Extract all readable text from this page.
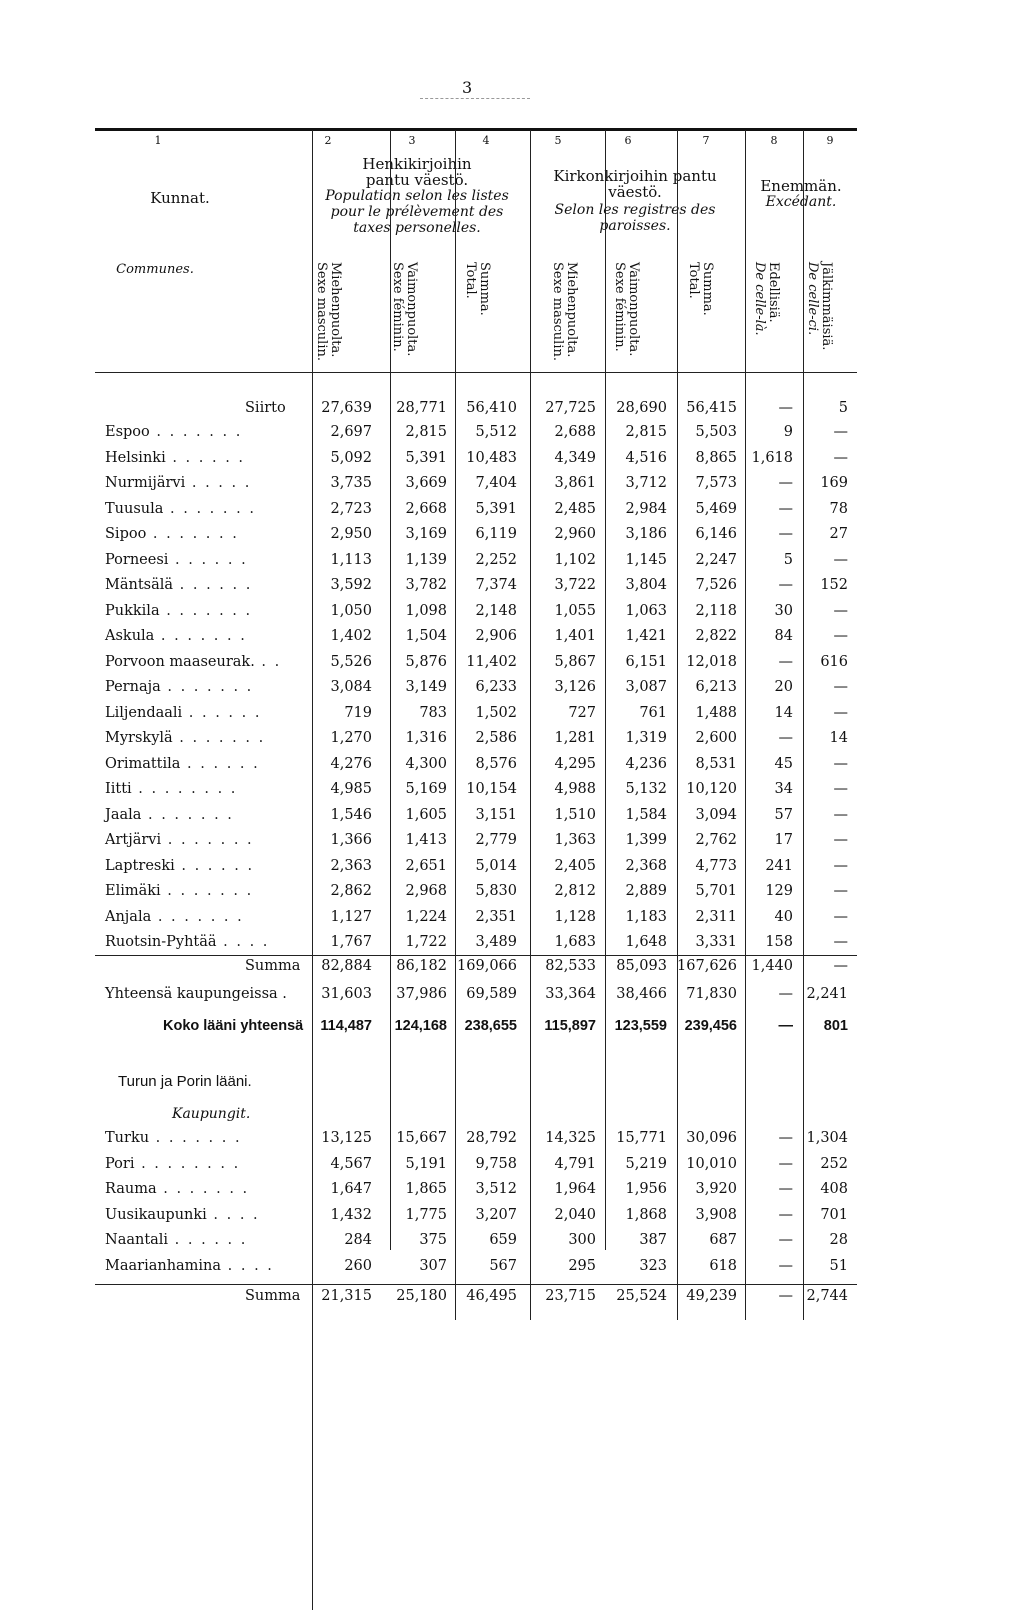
3
1	2	3	4	5	6	7	8	9
Kunnat.
Communes.
Henkikirjoihin pantu väestö.
Population selon les listes
pour le prélèvement des
taxes personelles.
Kirkonkirjoihin pantu väestö.
Selon les registres des
paroisses.
Enemmän.
Excédant.
Miehenpuolta.
Sexe masculin.	Vaimonpuolta.
Sexe féminin.	Summa.
Total.	Miehenpuolta.
Sexe masculin.	Vaimonpuolta.
Sexe féminin.	Summa.
Total.	Edellisiä.
De celle-là.	Jälkimmäisiä.
De celle-ci.
Siirto 27,639 28,771 56,410 27,725 28,690 56,415	—	5
Espoo . . . . . . .	2,697 2,815 5,512	2,688 2,815 5,503	9	—
Helsinki . . . . . .	5,092 5,391 10,483	4,349 4,516 8,865 1,618	—
Nurmijärvi . . . . .	3,735 3,669 7,404	3,861 3,712 7,573	— 169
Tuusula . . . . . . .	2,723 2,668 5,391	2,485 2,984 5,469	—	78
Sipoo . . . . . . .	2,950 3,169 6,119	2,960 3,186 6,146	—	27
Porneesi . . . . . .	1,113 1,139 2,252	1,102 1,145 2,247	5	—
Mäntsälä . . . . . .	3,592 3,782 7,374	3,722 3,804 7,526	— 152
Pukkila . . . . . . .	1,050 1,098 2,148	1,055 1,063 2,118	30	—
Askula . . . . . . .	1,402 1,504 2,906	1,401 1,421 2,822	84	—
Porvoon maaseurak. . .	5,526 5,876 11,402	5,867 6,151 12,018	— 616
Pernaja . . . . . . .	3,084 3,149 6,233	3,126 3,087 6,213	20	—
Liljendaali . . . . . .	719	783 1,502	727	761 1,488	14	—
Myrskylä . . . . . . .	1,270 1,316 2,586	1,281 1,319 2,600	—	14
Orimattila . . . . . .	4,276 4,300 8,576	4,295 4,236 8,531	45	—
Iitti . . . . . . . .	4,985 5,169 10,154	4,988 5,132 10,120	34	—
Jaala . . . . . . .	1,546 1,605 3,151	1,510 1,584 3,094	57	—
Artjärvi . . . . . . .	1,366 1,413 2,779	1,363 1,399 2,762	17	—
Laptreski . . . . . .	2,363 2,651 5,014	2,405 2,368 4,773 241	—
Elimäki . . . . . . .	2,862 2,968 5,830	2,812 2,889 5,701 129	—
Anjala . . . . . . .	1,127 1,224 2,351	1,128 1,183 2,311	40	—
Ruotsin-Pyhtää . . . .	1,767 1,722 3,489	1,683 1,648 3,331 158	—
Summa 82,884 86,182 169,066 82,533 85,093 167,626 1,440	—
Yhteensä kaupungeissa . 31,603 37,986 69,589 33,364 38,466 71,830	— 2,241
Koko lääni yhteensä 114,487 124,168 238,655 115,897 123,559 239,456	— 801
Turku . . . . . . .	13,125 15,667 28,792 14,325 15,771 30,096	— 1,304
Pori . . . . . . . .	4,567 5,191 9,758	4,791 5,219 10,010	— 252
Rauma . . . . . . .	1,647 1,865 3,512	1,964 1,956 3,920	— 408
Uusikaupunki . . . .	1,432 1,775 3,207	2,040 1,868 3,908	— 701
Naantali . . . . . .	284	375	659	300	387	687	—	28
Maarianhamina . . . .	260	307	567	295	323	618	—	51
Summa 21,315 25,180 46,495 23,715 25,524 49,239	— 2,744
Turun ja Porin lääni.
Kaupungit.
